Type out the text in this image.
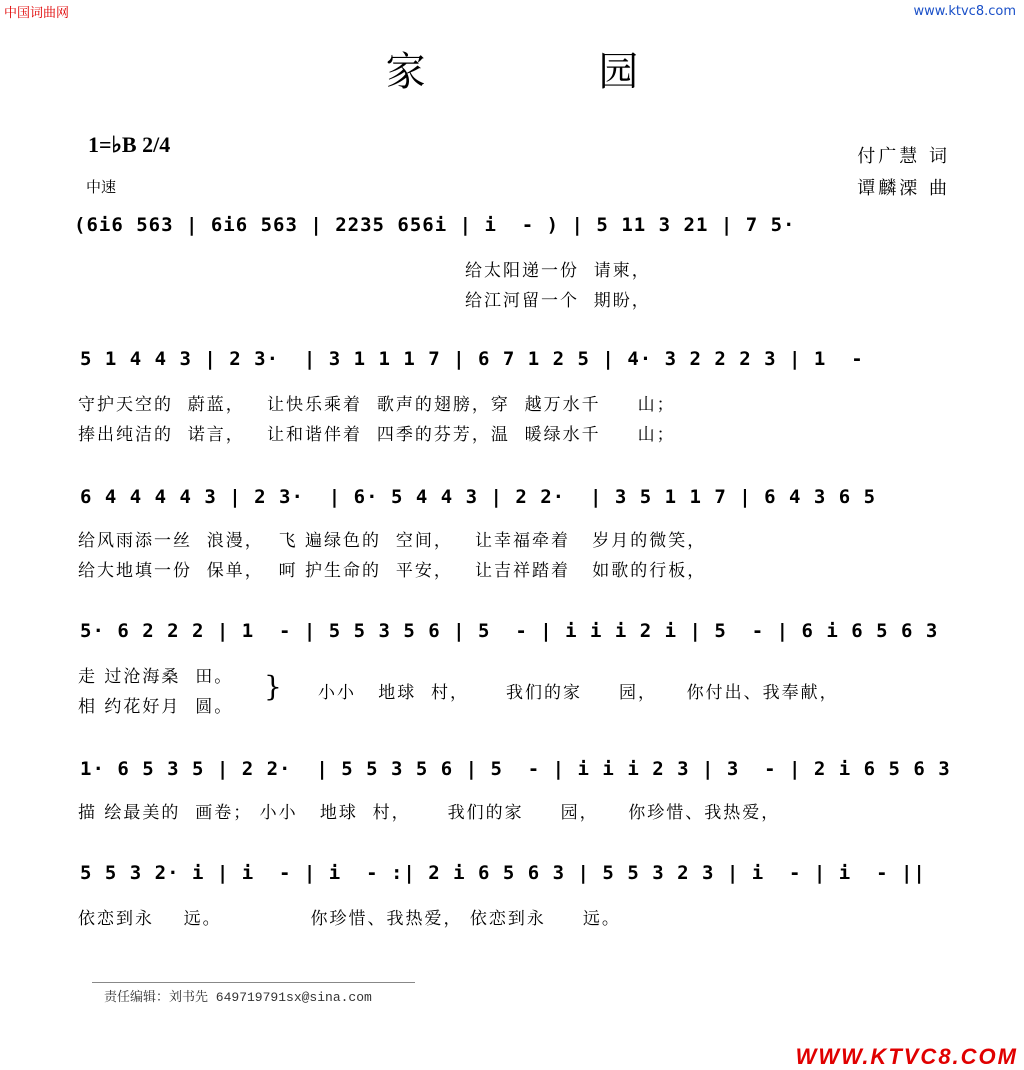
中国词曲网	www.ktvc8.com
家 园
1=♭B 2/4
中速
付广慧 词
谭麟溧 曲
(6i6 563 | 6i6 563 | 2235 656i | i  - ) | 5 11 3 21 | 7 5·
给太阳递一份  请柬，
给江河留一个  期盼，
5 1 4 4 3 | 2 3·  | 3 1 1 1 7 | 6 7 1 2 5 | 4· 3 2 2 2 3 | 1  -
守护天空的  蔚蓝，   让快乐乘着  歌声的翅膀，穿  越万水千     山；
捧出纯洁的  诺言，   让和谐伴着  四季的芬芳，温  暖绿水千     山；
6 4 4 4 4 3 | 2 3·  | 6· 5 4 4 3 | 2 2·  | 3 5 1 1 7 | 6 4 3 6 5
给风雨添一丝  浪漫，  飞 遍绿色的  空间，   让幸福牵着   岁月的微笑，
给大地填一份  保单，  呵 护生命的  平安，   让吉祥踏着   如歌的行板，
5· 6 2 2 2 | 1  - | 5 5 3 5 6 | 5  - | i i i 2 i | 5  - | 6 i 6 5 6 3
走 过沧海桑  田。
相 约花好月  圆。
} 小小   地球  村，     我们的家     园，    你付出、我奉献，
1· 6 5 3 5 | 2 2·  | 5 5 3 5 6 | 5  - | i i i 2 3 | 3  - | 2 i 6 5 6 3
描 绘最美的  画卷； 小小   地球  村，     我们的家     园，    你珍惜、我热爱，
5 5 3 2· i | i  - | i  - :| 2 i 6 5 6 3 | 5 5 3 2 3 | i  - | i  - ||
依恋到永    远。            你珍惜、我热爱， 依恋到永     远。
责任编辑：刘书先 649719791sx@sina.com
WWW.KTVC8.COM
